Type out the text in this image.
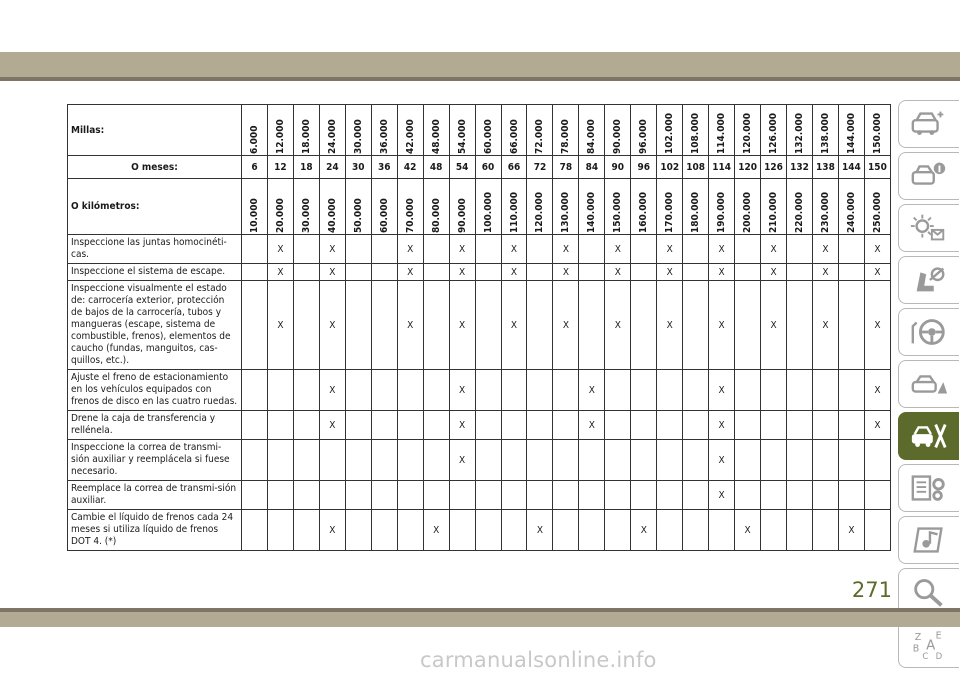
Millas:	6.000	12.000	18.000	24.000	30.000	36.000	42.000	48.000	54.000	60.000	66.000	72.000	78.000	84.000	90.000	96.000	102.000	108.000	114.000	120.000	126.000	132.000	138.000	144.000	150.000

O meses:	6	12	18	24	30	36	42	48	54	60	66	72	78	84	90	96	102	108	114	120	126	132	138	144	150
O kilómetros:	10.000	20.000	30.000	40.000	50.000	60.000	70.000	80.000	90.000	100.000	110.000	120.000	130.000	140.000	150.000	160.000	170.000	180.000	190.000	200.000	210.000	220.000	230.000	240.000	250.000

Inspeccione las juntas homocinéti-cas.		X		X			X		X		X		X		X		X		X		X		X		X
Inspeccione el sistema de escape.		X		X			X		X		X		X		X		X		X		X		X		X
Inspeccione visualmente el estado de: carrocería exterior, protección de bajos de la carrocería, tubos y mangueras (escape, sistema de combustible, frenos), elementos de caucho (fundas, manguitos, cas-quillos, etc.).		X		X			X		X		X		X		X		X		X		X		X		X
Ajuste el freno de estacionamiento en los vehículos equipados con frenos de disco en las cuatro ruedas.				X					X					X					X						X
Drene la caja de transferencia y rellénela.				X					X					X					X						X
Inspeccione la correa de transmi-sión auxiliar y reemplácela si fuese necesario.									X										X						
Reemplace la correa de transmi-sión auxiliar.																			X						
Cambie el líquido de frenos cada 24 meses si utiliza líquido de frenos DOT 4. (*)				X				X				X				X				X				X	
Z E
B A
C D
271
carmanualsonline.info
